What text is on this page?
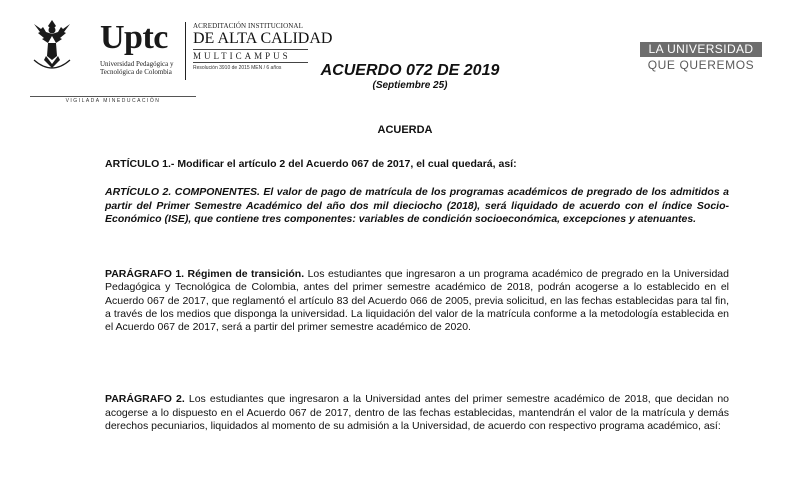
Uptc
Universidad Pedagógica y
Tecnológica de Colombia
ACREDITACIÓN INSTITUCIONAL
DE ALTA CALIDAD
MULTICAMPUS
Resolución 3910 de 2015 MEN / 6 años
VIGILADA MINEDUCACIÓN
ACUERDO 072 DE 2019
(Septiembre 25)
LA UNIVERSIDAD
QUE QUEREMOS
ACUERDA
ARTÍCULO 1.- Modificar el artículo 2 del Acuerdo 067 de 2017, el cual quedará, así:
ARTÍCULO 2. COMPONENTES. El valor de pago de matrícula de los programas académicos de pregrado de los admitidos a partir del Primer Semestre Académico del año dos mil dieciocho (2018), será liquidado de acuerdo con el índice Socio-Económico (ISE), que contiene tres componentes: variables de condición socioeconómica, excepciones y atenuantes.
PARÁGRAFO 1. Régimen de transición. Los estudiantes que ingresaron a un programa académico de pregrado en la Universidad Pedagógica y Tecnológica de Colombia, antes del primer semestre académico de 2018, podrán acogerse a lo establecido en el Acuerdo 067 de 2017, que reglamentó el artículo 83 del Acuerdo 066 de 2005, previa solicitud, en las fechas establecidas para tal fin, a través de los medios que disponga la universidad. La liquidación del valor de la matrícula conforme a la metodología establecida en el Acuerdo 067 de 2017, será a partir del primer semestre académico de 2020.
PARÁGRAFO 2. Los estudiantes que ingresaron a la Universidad antes del primer semestre académico de 2018, que decidan no acogerse a lo dispuesto en el Acuerdo 067 de 2017, dentro de las fechas establecidas, mantendrán el valor de la matrícula y demás derechos pecuniarios, liquidados al momento de su admisión a la Universidad, de acuerdo con respectivo programa académico, así:
